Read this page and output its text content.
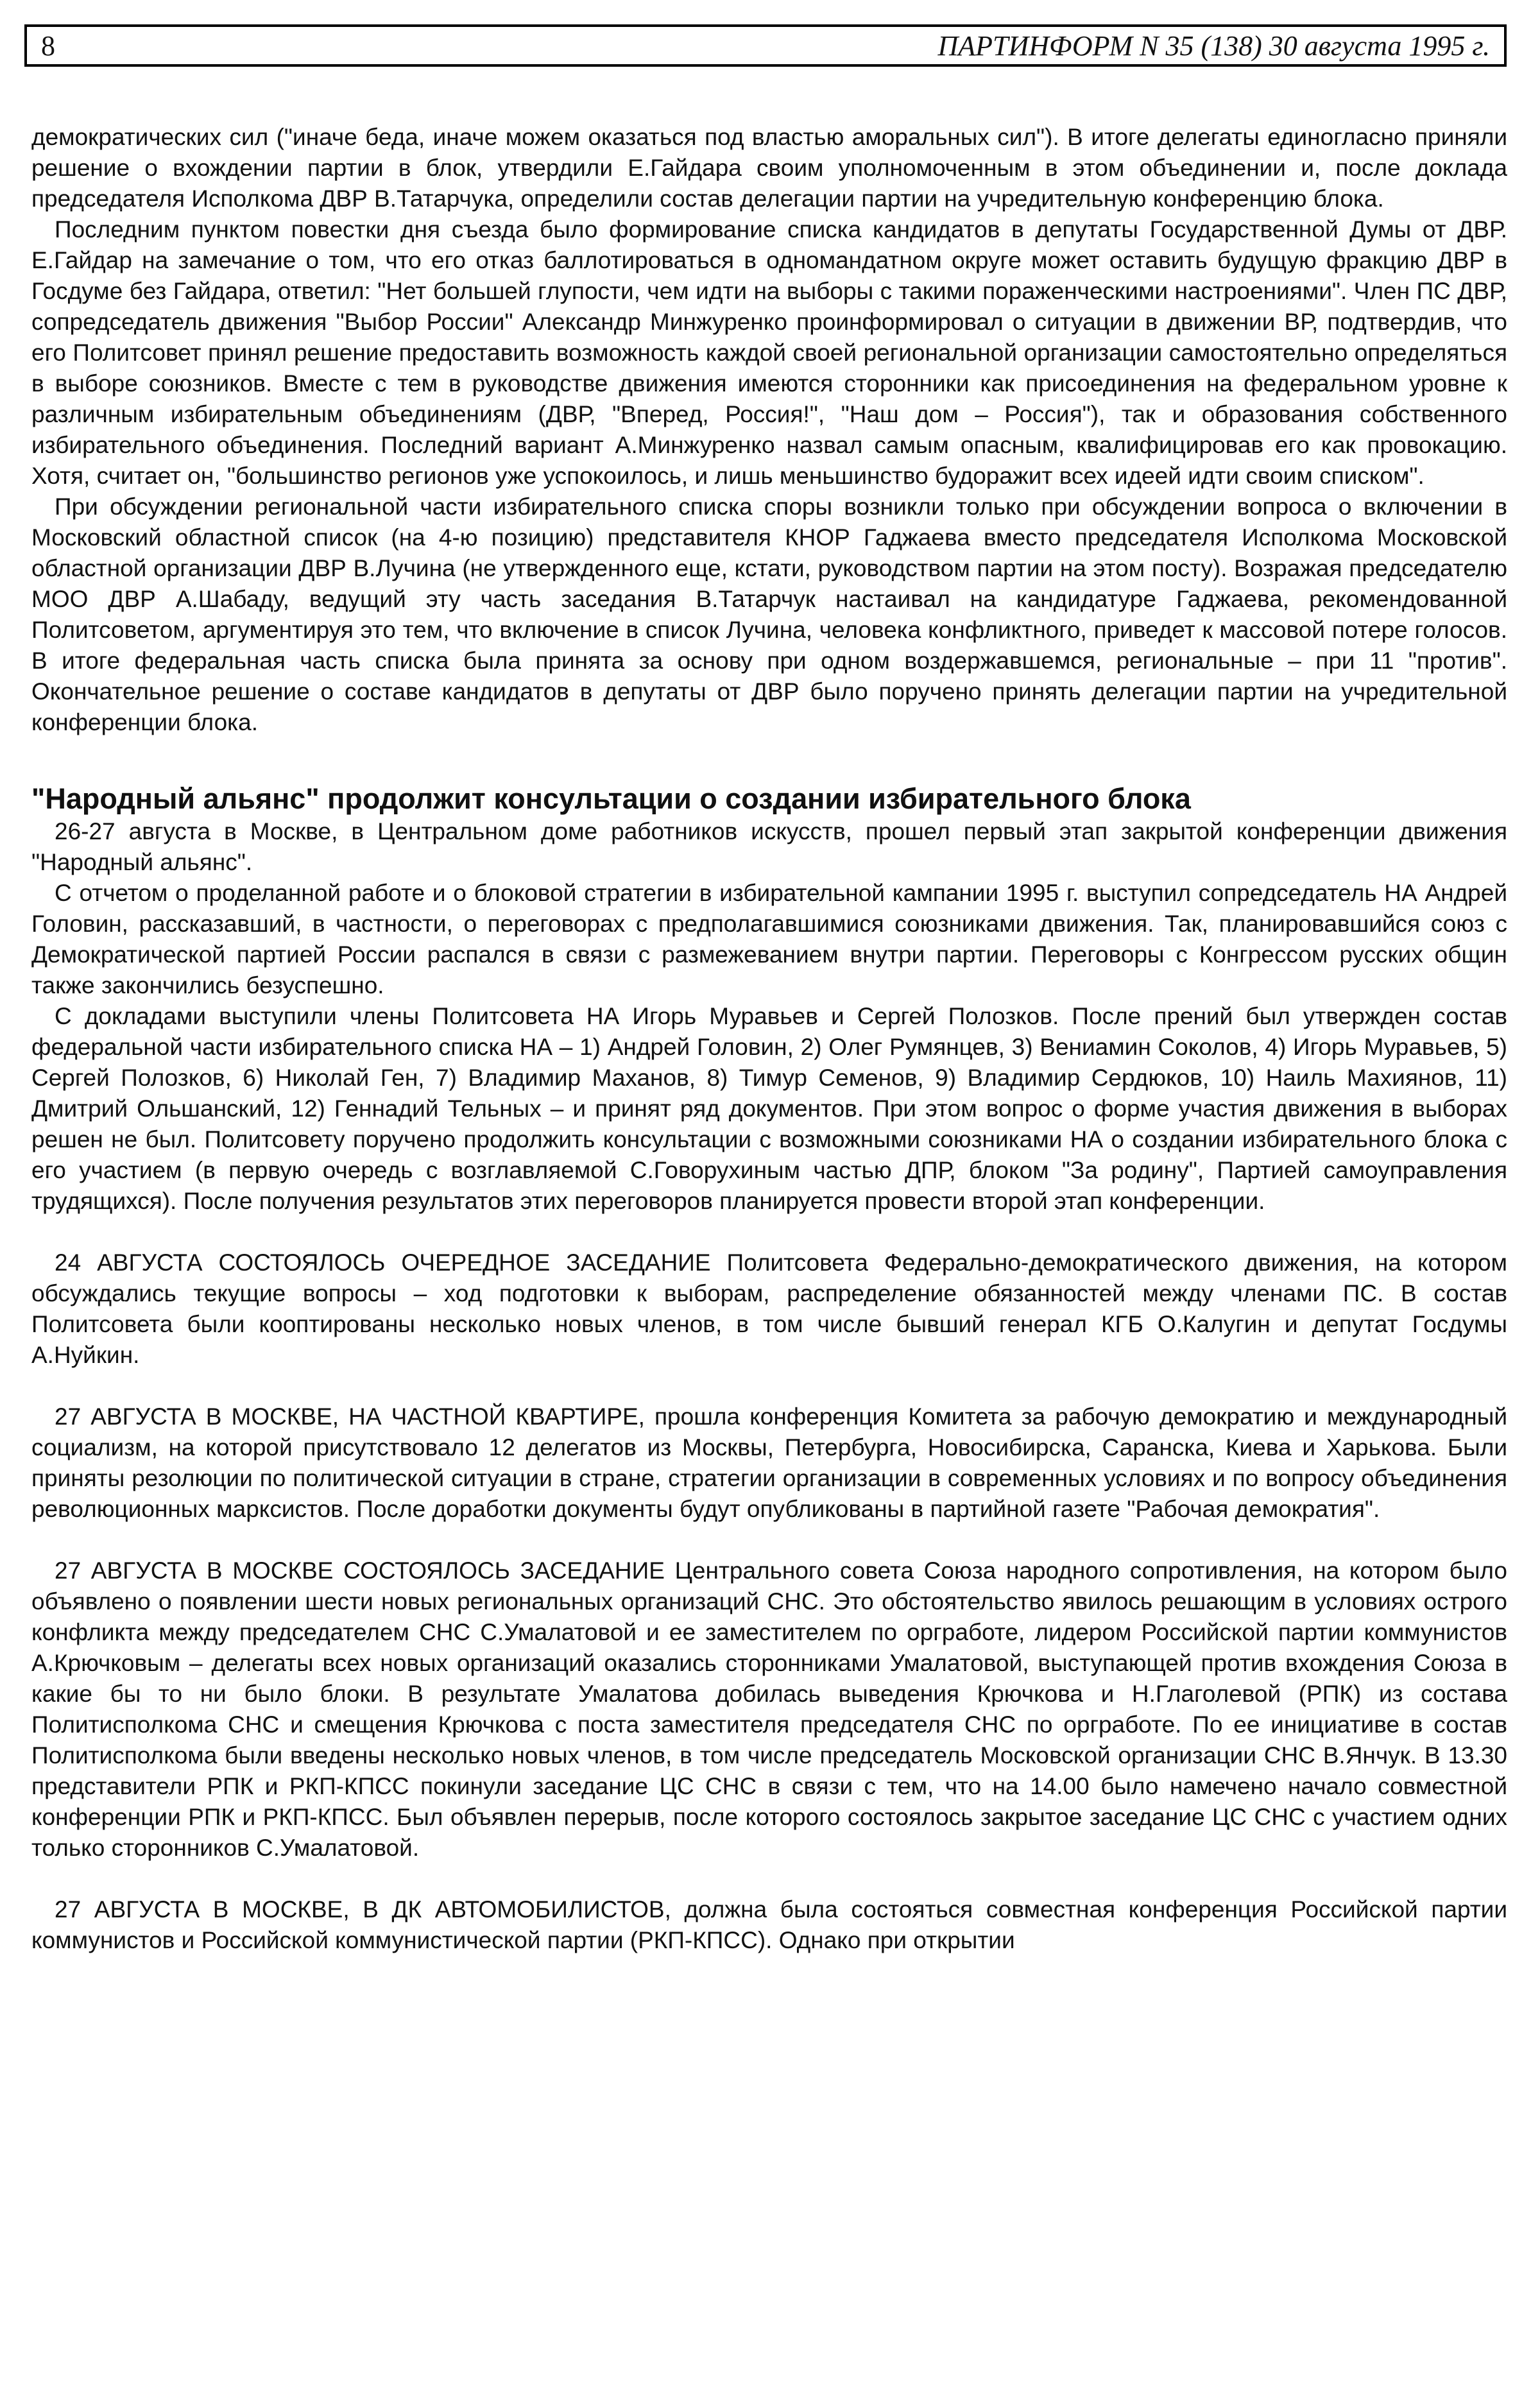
8	ПАРТИНФОРМ N 35 (138) 30 августа 1995 г.

демократических сил ("иначе беда, иначе можем оказаться под властью аморальных сил"). В итоге делегаты единогласно приняли решение о вхождении партии в блок, утвердили Е.Гайдара своим уполномоченным в этом объединении и, после доклада председателя Исполкома ДВР В.Татарчука, определили состав делегации партии на учредительную конференцию блока.

Последним пунктом повестки дня съезда было формирование списка кандидатов в депутаты Государственной Думы от ДВР. Е.Гайдар на замечание о том, что его отказ баллотироваться в одномандатном округе может оставить будущую фракцию ДВР в Госдуме без Гайдара, ответил: "Нет большей глупости, чем идти на выборы с такими пораженческими настроениями". Член ПС ДВР, сопредседатель движения "Выбор России" Александр Минжуренко проинформировал о ситуации в движении ВР, подтвердив, что его Политсовет принял решение предоставить возможность каждой своей региональной организации самостоятельно определяться в выборе союзников. Вместе с тем в руководстве движения имеются сторонники как присоединения на федеральном уровне к различным избирательным объединениям (ДВР, "Вперед, Россия!", "Наш дом – Россия"), так и образования собственного избирательного объединения. Последний вариант А.Минжуренко назвал самым опасным, квалифицировав его как провокацию. Хотя, считает он, "большинство регионов уже успокоилось, и лишь меньшинство будоражит всех идеей идти своим списком".

При обсуждении региональной части избирательного списка споры возникли только при обсуждении вопроса о включении в Московский областной список (на 4-ю позицию) представителя КНОР Гаджаева вместо председателя Исполкома Московской областной организации ДВР В.Лучина (не утвержденного еще, кстати, руководством партии на этом посту). Возражая председателю МОО ДВР А.Шабаду, ведущий эту часть заседания В.Татарчук настаивал на кандидатуре Гаджаева, рекомендованной Политсоветом, аргументируя это тем, что включение в список Лучина, человека конфликтного, приведет к массовой потере голосов. В итоге федеральная часть списка была принята за основу при одном воздержавшемся, региональные – при 11 "против". Окончательное решение о составе кандидатов в депутаты от ДВР было поручено принять делегации партии на учредительной конференции блока.

"Народный альянс" продолжит консультации о создании избирательного блока

26-27 августа в Москве, в Центральном доме работников искусств, прошел первый этап закрытой конференции движения "Народный альянс".

С отчетом о проделанной работе и о блоковой стратегии в избирательной кампании 1995 г. выступил сопредседатель НА Андрей Головин, рассказавший, в частности, о переговорах с предполагавшимися союзниками движения. Так, планировавшийся союз с Демократической партией России распался в связи с размежеванием внутри партии. Переговоры с Конгрессом русских общин также закончились безуспешно.

С докладами выступили члены Политсовета НА Игорь Муравьев и Сергей Полозков. После прений был утвержден состав федеральной части избирательного списка НА – 1) Андрей Головин, 2) Олег Румянцев, 3) Вениамин Соколов, 4) Игорь Муравьев, 5) Сергей Полозков, 6) Николай Ген, 7) Владимир Маханов, 8) Тимур Семенов, 9) Владимир Сердюков, 10) Наиль Махиянов, 11) Дмитрий Ольшанский, 12) Геннадий Тельных – и принят ряд документов. При этом вопрос о форме участия движения в выборах решен не был. Политсовету поручено продолжить консультации с возможными союзниками НА о создании избирательного блока с его участием (в первую очередь с возглавляемой С.Говорухиным частью ДПР, блоком "За родину", Партией самоуправления трудящихся). После получения результатов этих переговоров планируется провести второй этап конференции.

24 АВГУСТА СОСТОЯЛОСЬ ОЧЕРЕДНОЕ ЗАСЕДАНИЕ Политсовета Федерально-демократического движения, на котором обсуждались текущие вопросы – ход подготовки к выборам, распределение обязанностей между членами ПС. В состав Политсовета были кооптированы несколько новых членов, в том числе бывший генерал КГБ О.Калугин и депутат Госдумы А.Нуйкин.

27 АВГУСТА В МОСКВЕ, НА ЧАСТНОЙ КВАРТИРЕ, прошла конференция Комитета за рабочую демократию и международный социализм, на которой присутствовало 12 делегатов из Москвы, Петербурга, Новосибирска, Саранска, Киева и Харькова. Были приняты резолюции по политической ситуации в стране, стратегии организации в современных условиях и по вопросу объединения революционных марксистов. После доработки документы будут опубликованы в партийной газете "Рабочая демократия".

27 АВГУСТА В МОСКВЕ СОСТОЯЛОСЬ ЗАСЕДАНИЕ Центрального совета Союза народного сопротивления, на котором было объявлено о появлении шести новых региональных организаций СНС. Это обстоятельство явилось решающим в условиях острого конфликта между председателем СНС С.Умалатовой и ее заместителем по оргработе, лидером Российской партии коммунистов А.Крючковым – делегаты всех новых организаций оказались сторонниками Умалатовой, выступающей против вхождения Союза в какие бы то ни было блоки. В результате Умалатова добилась выведения Крючкова и Н.Глаголевой (РПК) из состава Политисполкома СНС и смещения Крючкова с поста заместителя председателя СНС по оргработе. По ее инициативе в состав Политисполкома были введены несколько новых членов, в том числе председатель Московской организации СНС В.Янчук. В 13.30 представители РПК и РКП-КПСС покинули заседание ЦС СНС в связи с тем, что на 14.00 было намечено начало совместной конференции РПК и РКП-КПСС. Был объявлен перерыв, после которого состоялось закрытое заседание ЦС СНС с участием одних только сторонников С.Умалатовой.

27 АВГУСТА В МОСКВЕ, В ДК АВТОМОБИЛИСТОВ, должна была состояться совместная конференция Российской партии коммунистов и Российской коммунистической партии (РКП-КПСС). Однако при открытии
